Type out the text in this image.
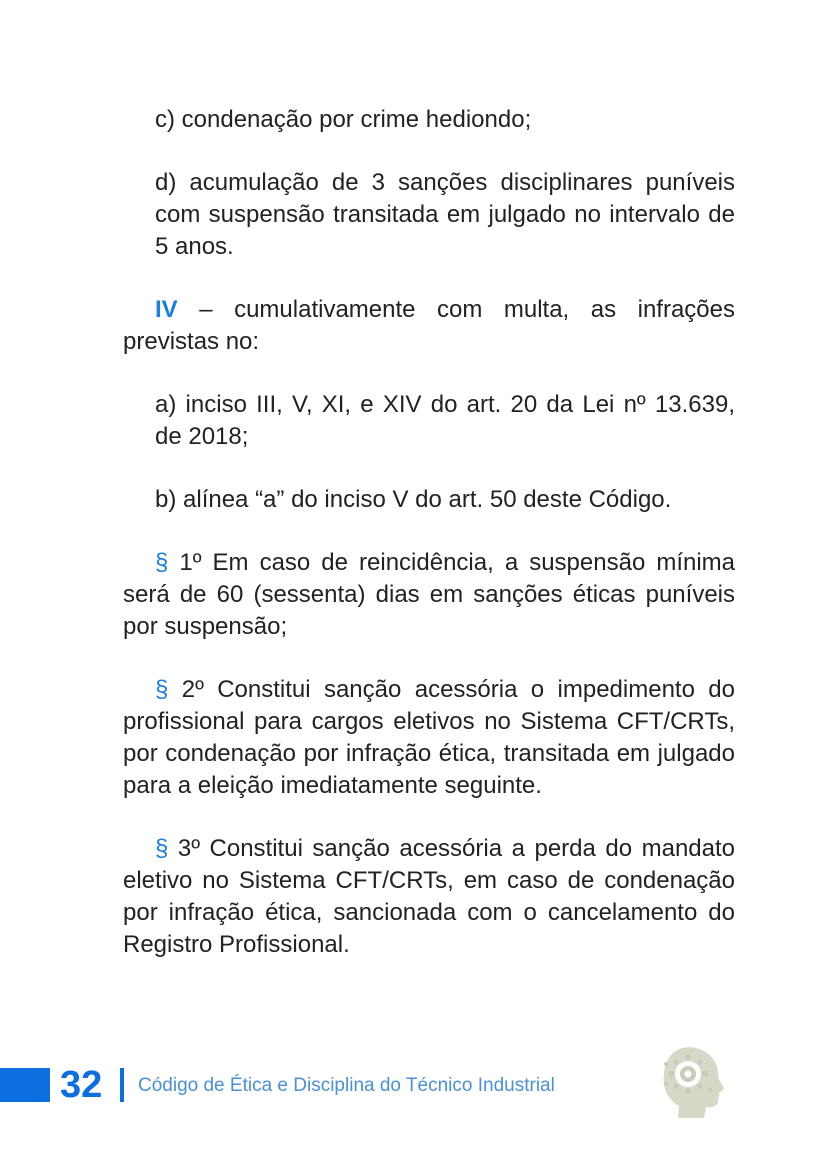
c) condenação por crime hediondo;

d) acumulação de 3 sanções disciplinares puníveis com suspensão transitada em julgado no intervalo de 5 anos.

IV – cumulativamente com multa, as infrações previstas no:

a) inciso III, V, XI, e XIV do art. 20 da Lei nº 13.639, de 2018;

b) alínea “a” do inciso V do art. 50 deste Código.

§ 1º Em caso de reincidência, a suspensão mínima será de 60 (sessenta) dias em sanções éticas puníveis por suspensão;

§ 2º Constitui sanção acessória o impedimento do profissional para cargos eletivos no Sistema CFT/CRTs, por condenação por infração ética, transitada em julgado para a eleição imediatamente seguinte.

§ 3º Constitui sanção acessória a perda do mandato eletivo no Sistema CFT/CRTs, em caso de condenação por infração ética, sancionada com o cancelamento do Registro Profissional.

32 Código de Ética e Disciplina do Técnico Industrial
